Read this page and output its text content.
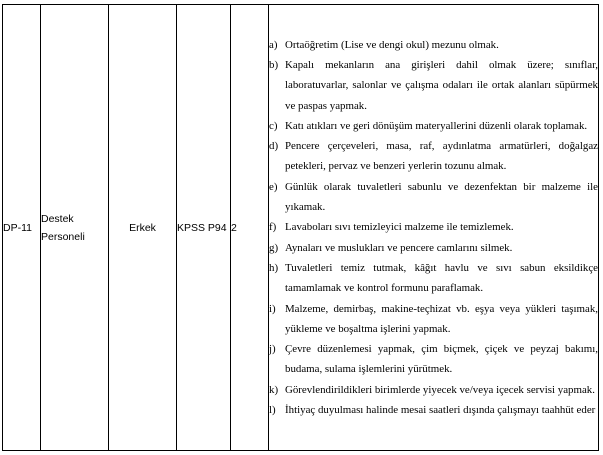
DP-11	Destek Personeli	Erkek	KPSS P94	2	
a) Ortaöğretim (Lise ve dengi okul) mezunu olmak.
b) Kapalı mekanların ana girişleri dahil olmak üzere; sınıflar, laboratuvarlar, salonlar ve çalışma odaları ile ortak alanları süpürmek ve paspas yapmak.
c) Katı atıkları ve geri dönüşüm materyallerini düzenli olarak toplamak.
d) Pencere çerçeveleri, masa, raf, aydınlatma armatürleri, doğalgaz petekleri, pervaz ve benzeri yerlerin tozunu almak.
e) Günlük olarak tuvaletleri sabunlu ve dezenfektan bir malzeme ile yıkamak.
f) Lavaboları sıvı temizleyici malzeme ile temizlemek.
g) Aynaları ve muslukları ve pencere camlarını silmek.
h) Tuvaletleri temiz tutmak, kâğıt havlu ve sıvı sabun eksildikçe tamamlamak ve kontrol formunu paraflamak.
i) Malzeme, demirbaş, makine-teçhizat vb. eşya veya yükleri taşımak, yükleme ve boşaltma işlerini yapmak.
j) Çevre düzenlemesi yapmak, çim biçmek, çiçek ve peyzaj bakımı, budama, sulama işlemlerini yürütmek.
k) Görevlendirildikleri birimlerde yiyecek ve/veya içecek servisi yapmak.
l) İhtiyaç duyulması halinde mesai saatleri dışında çalışmayı taahhüt eder
